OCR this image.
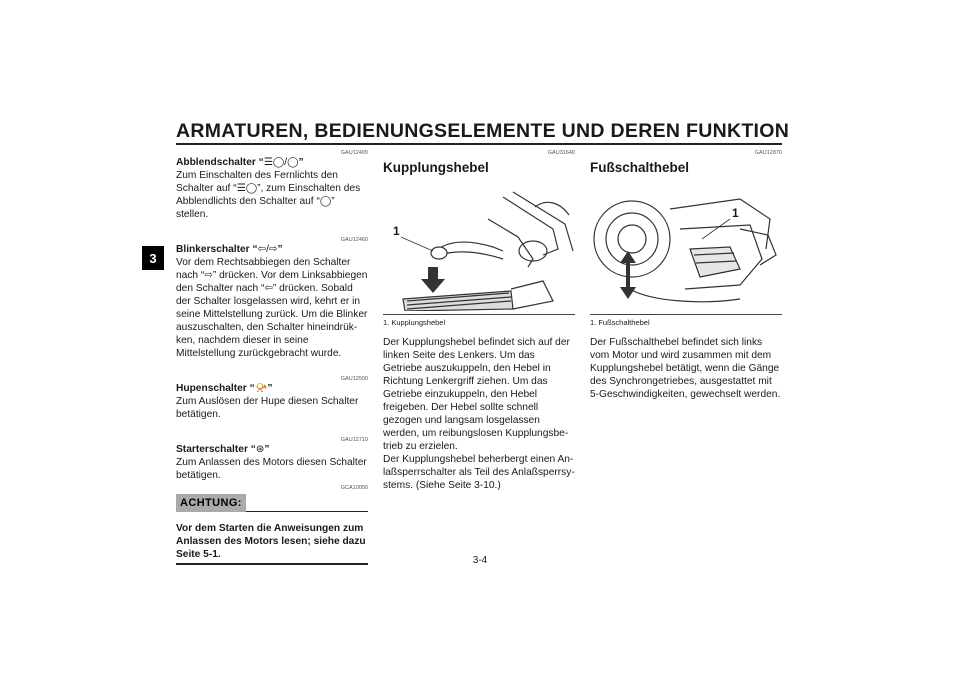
ARMATUREN, BEDIENUNGSELEMENTE UND DEREN FUNKTION
3
GAU12400
Abblendschalter “☰◯/◯”
Zum Einschalten des Fernlichts den Schalter auf “☰◯”, zum Einschalten des Abblendlichts den Schalter auf “◯” stellen.
GAU12460
Blinkerschalter “⇦/⇨”
Vor dem Rechtsabbiegen den Schalter nach “⇨” drücken. Vor dem Linksabbiegen den Schalter nach “⇦” drücken. Sobald der Schalter losgelassen wird, kehrt er in seine Mittelstellung zurück. Um die Blinker auszuschalten, den Schalter hineindrükken, nachdem dieser in seine Mittelstellung zurückgebracht wurde.
GAU12500
Hupenschalter “📯”
Zum Auslösen der Hupe diesen Schalter betätigen.
GAU12710
Starterschalter “⊛”
Zum Anlassen des Motors diesen Schalter betätigen.
GCA10050
ACHTUNG:
Vor dem Starten die Anweisungen zum Anlassen des Motors lesen; siehe dazu Seite 5-1.
GAU31640
Kupplungshebel
1
1. Kupplungshebel
Der Kupplungshebel befindet sich auf der linken Seite des Lenkers. Um das Getriebe auszukuppeln, den Hebel in Richtung Lenkergriff ziehen. Um das Getriebe einzukuppeln, den Hebel freigeben. Der Hebel sollte schnell gezogen und langsam losgelassen werden, um reibungslosen Kupplungsbetrieb zu erzielen.
Der Kupplungshebel beherbergt einen Anlaßsperrschalter als Teil des Anlaßsperrsystems. (Siehe Seite 3-10.)
GAU12870
Fußschalthebel
1
1. Fußschalthebel
Der Fußschalthebel befindet sich links vom Motor und wird zusammen mit dem Kupplungshebel betätigt, wenn die Gänge des Synchrongetriebes, ausgestattet mit 5-Geschwindigkeiten, gewechselt werden.
3-4
